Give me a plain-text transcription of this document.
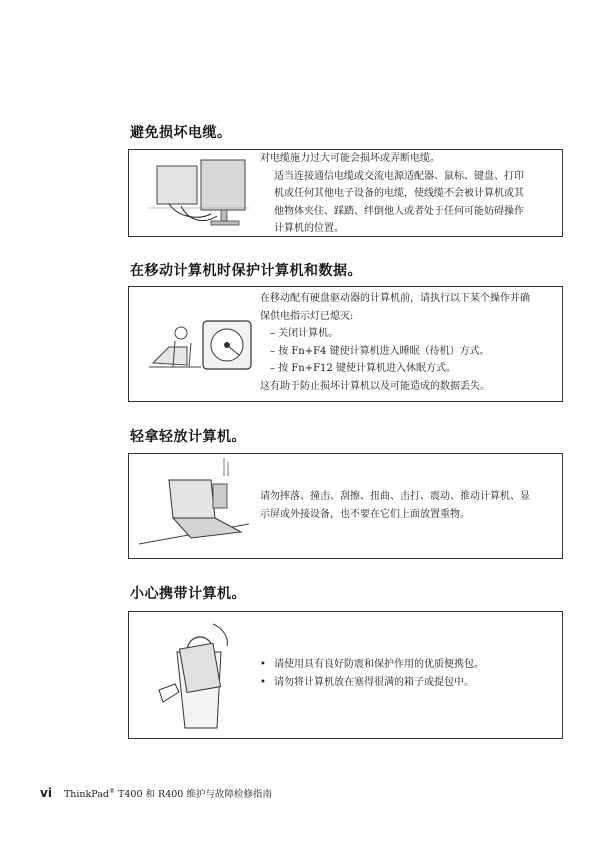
避免损坏电缆。
对电缆施力过大可能会损坏或弄断电缆。
适当连接通信电缆或交流电源适配器、鼠标、键盘、打印
机或任何其他电子设备的电缆，使线缆不会被计算机或其
他物体夹住、踩踏、绊倒他人或者处于任何可能妨碍操作
计算机的位置。
在移动计算机时保护计算机和数据。
在移动配有硬盘驱动器的计算机前，请执行以下某个操作并确
保供电指示灯已熄灭:
– 关闭计算机。
– 按 Fn+F4 键使计算机进入睡眠（待机）方式。
– 按 Fn+F12 键使计算机进入休眠方式。
这有助于防止损坏计算机以及可能造成的数据丢失。
轻拿轻放计算机。
请勿摔落、撞击、刮擦、扭曲、击打、震动、推动计算机、显
示屏或外接设备，也不要在它们上面放置重物。
小心携带计算机。
• 请使用具有良好防震和保护作用的优质便携包。
• 请勿将计算机放在塞得很满的箱子或提包中。
vi ThinkPad® T400 和 R400 维护与故障检修指南
